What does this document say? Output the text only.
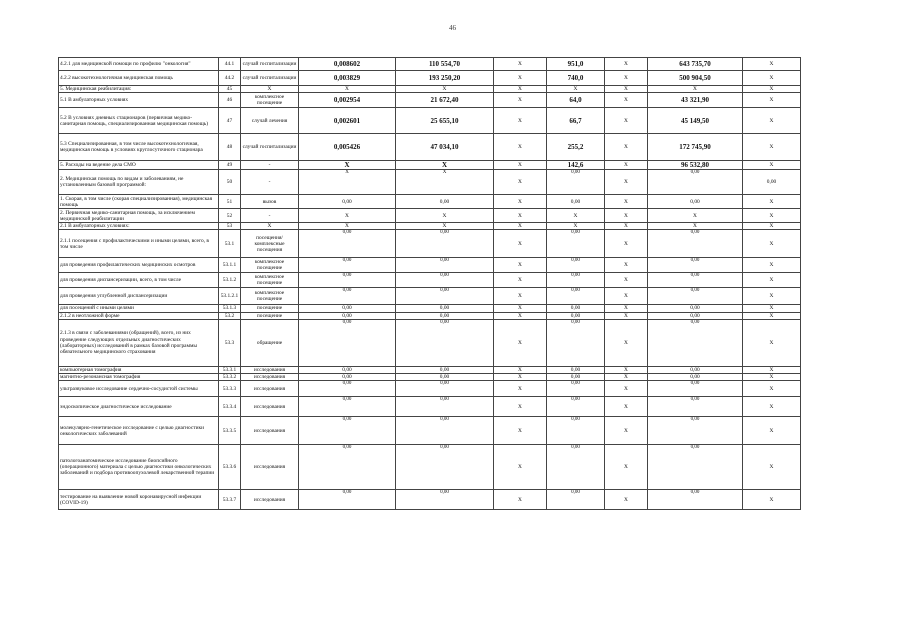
46
4.2.1 для медицинской помощи по профилю "онкология"	44.1	случай госпитализации	0,008602	110 554,70	X	951,0	X	643 735,70	X
4.2.2 высокотехнологичная медицинская помощь	44.2	случай госпитализации	0,003829	193 250,20	X	740,0	X	500 904,50	X
5. Медицинская реабилитация:	45	X	X	X	X	X	X	X	X
5.1 В амбулаторных условиях	46	комплексное посещение	0,002954	21 672,40	X	64,0	X	43 321,90	X
5.2 В условиях дневных стационаров (первичная медико-санитарная помощь, специализированная медицинская помощь)	47	случай лечения	0,002601	25 655,10	X	66,7	X	45 149,50	X
5.3 Специализированная, в том числе высокотехнологичная, медицинская помощь в условиях круглосуточного стационара	48	случай госпитализации	0,005426	47 034,10	X	255,2	X	172 745,90	X
5. Расходы на ведение дела СМО	49	-	X	X	X	142,6	X	96 532,80	X
2. Медицинская помощь по видам и заболеваниям, не установленным базовой программой:	50	-	X	X	X	0,00	X	0,00	0,00
1. Скорая, в том числе (скорая специализированная), медицинская помощь	51	вызов	0,00	0,00	X	0,00	X	0,00	X
2. Первичная медико-санитарная помощь, за исключением медицинской реабилитации	52	-	X	X	X	X	X	X	X
2.1 В амбулаторных условиях:	53	X	X	X	X	X	X	X	X
2.1.1 посещения с профилактическими и иными целями, всего, в том числе	53.1	посещения/комплексные посещения	0,00	0,00	X	0,00	X	0,00	X
для проведения профилактических медицинских осмотров	53.1.1	комплексное посещение	0,00	0,00	X	0,00	X	0,00	X
для проведения диспансеризации, всего, в том числе	53.1.2	комплексное посещение	0,00	0,00	X	0,00	X	0,00	X
для проведения углубленной диспансеризации	53.1.2.1	комплексное посещение	0,00	0,00	X	0,00	X	0,00	X
для посещений с иными целями	53.1.3	посещение	0,00	0,00	X	0,00	X	0,00	X
2.1.2 в неотложной форме	53.2	посещение	0,00	0,00	X	0,00	X	0,00	X
2.1.3 в связи с заболеваниями (обращений), всего, из них проведение следующих отдельных диагностических (лабораторных) исследований в рамках базовой программы обязательного медицинского страхования	53.3	обращение	0,00	0,00	X	0,00	X	0,00	X
компьютерная томография	53.3.1	исследования	0,00	0,00	X	0,00	X	0,00	X
магнитно-резонансная томография	53.3.2	исследования	0,00	0,00	X	0,00	X	0,00	X
ультразвуковое исследование сердечно-сосудистой системы	53.3.3	исследования	0,00	0,00	X	0,00	X	0,00	X
эндоскопическое диагностическое исследование	53.3.4	исследования	0,00	0,00	X	0,00	X	0,00	X
молекулярно-генетическое исследование с целью диагностики онкологических заболеваний	53.3.5	исследования	0,00	0,00	X	0,00	X	0,00	X
патологоанатомическое исследование биопсийного (операционного) материала с целью диагностики онкологических заболеваний и подбора противоопухолевой лекарственной терапии	53.3.6	исследования	0,00	0,00	X	0,00	X	0,00	X
тестирование на выявление новой коронавирусной инфекции (COVID-19)	53.3.7	исследования	0,00	0,00	X	0,00	X	0,00	X
